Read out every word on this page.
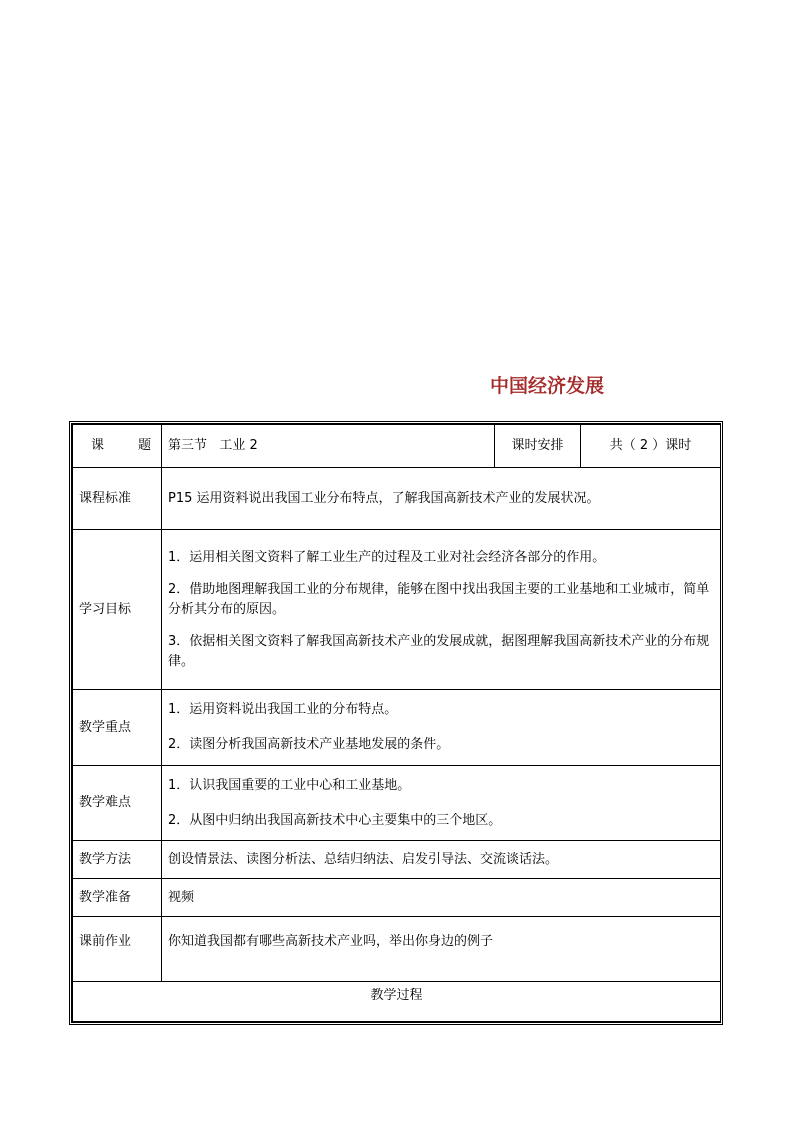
中国经济发展
课 题	第三节   工业 2	课时安排	共（ 2 ）课时
课程标准	P15 运用资料说出我国工业分布特点，了解我国高新技术产业的发展状况。		
学习目标	1．运用相关图文资料了解工业生产的过程及工业对社会经济各部分的作用。

2．借助地图理解我国工业的分布规律，能够在图中找出我国主要的工业基地和工业城市，简单分析其分布的原因。

3．依据相关图文资料了解我国高新技术产业的发展成就，据图理解我国高新技术产业的分布规律。		

教学重点	1．运用资料说出我国工业的分布特点。

2．读图分析我国高新技术产业基地发展的条件。		

教学难点	1．认识我国重要的工业中心和工业基地。

2．从图中归纳出我国高新技术中心主要集中的三个地区。		

教学方法	创设情景法、读图分析法、总结归纳法、启发引导法、交流谈话法。		
教学准备	视频		
课前作业	你知道我国都有哪些高新技术产业吗，举出你身边的例子		
教学过程			
